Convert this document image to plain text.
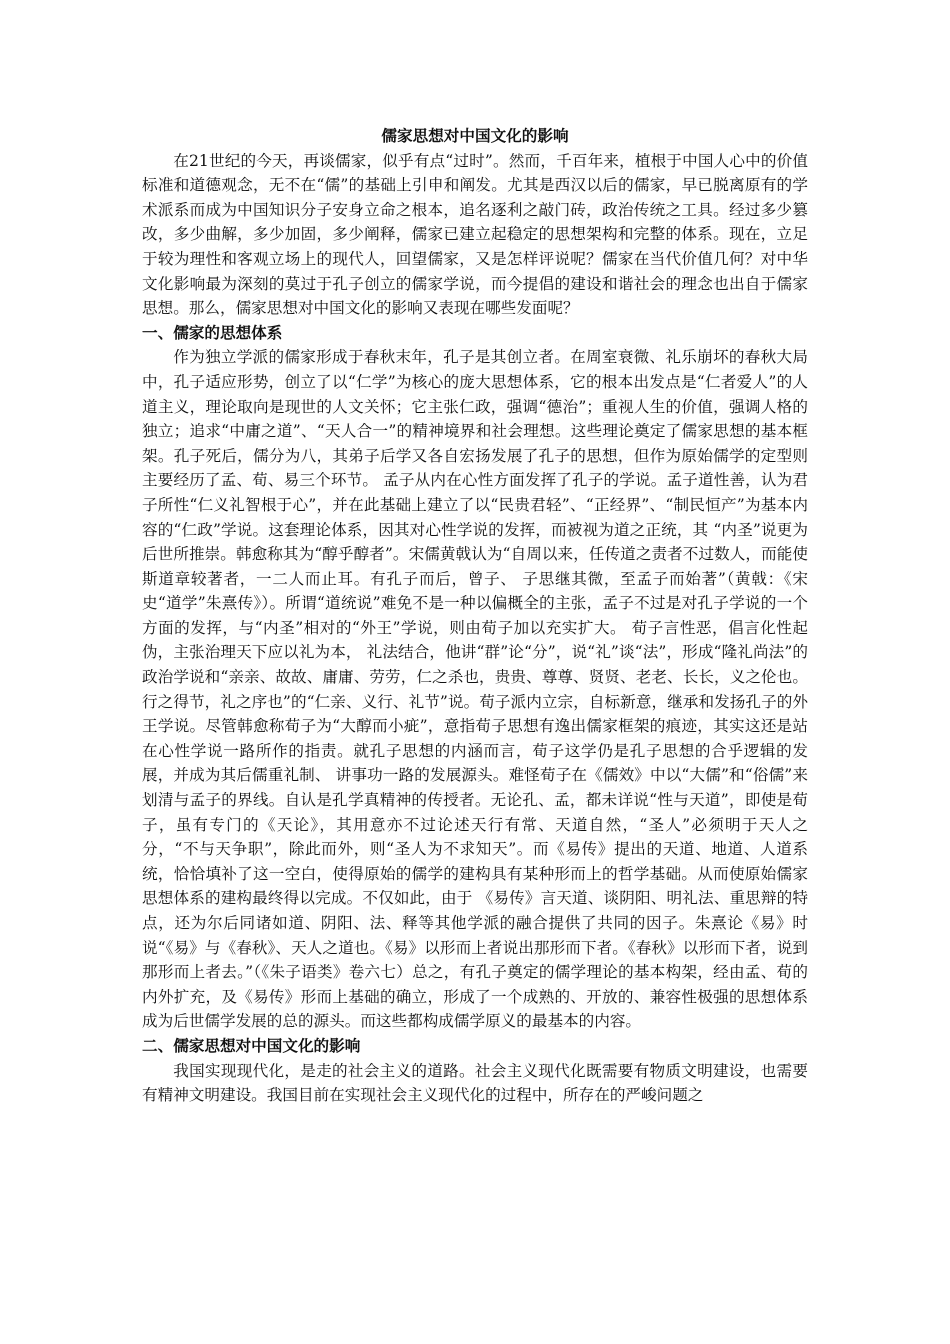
儒家思想对中国文化的影响

在21世纪的今天，再谈儒家，似乎有点“过时”。然而，千百年来，植根于中国人心中的价值标准和道德观念，无不在“儒”的基础上引申和阐发。尤其是西汉以后的儒家，早已脱离原有的学术派系而成为中国知识分子安身立命之根本，追名逐利之敲门砖，政治传统之工具。经过多少篡改，多少曲解，多少加固，多少阐释，儒家已建立起稳定的思想架构和完整的体系。现在，立足于较为理性和客观立场上的现代人，回望儒家，又是怎样评说呢？儒家在当代价值几何？对中华文化影响最为深刻的莫过于孔子创立的儒家学说，而今提倡的建设和谐社会的理念也出自于儒家思想。那么，儒家思想对中国文化的影响又表现在哪些发面呢？

一、儒家的思想体系

作为独立学派的儒家形成于春秋末年，孔子是其创立者。在周室衰微、礼乐崩坏的春秋大局中，孔子适应形势，创立了以“仁学”为核心的庞大思想体系，它的根本出发点是“仁者爱人”的人道主义，理论取向是现世的人文关怀；它主张仁政，强调“德治”；重视人生的价值，强调人格的独立；追求“中庸之道”、“天人合一”的精神境界和社会理想。这些理论奠定了儒家思想的基本框架。孔子死后，儒分为八，其弟子后学又各自宏扬发展了孔子的思想，但作为原始儒学的定型则主要经历了孟、荀、易三个环节。 孟子从内在心性方面发挥了孔子的学说。孟子道性善，认为君子所性“仁义礼智根于心”，并在此基础上建立了以“民贵君轻”、“正经界”、“制民恒产”为基本内容的“仁政”学说。这套理论体系，因其对心性学说的发挥，而被视为道之正统，其 “内圣”说更为后世所推崇。韩愈称其为“醇乎醇者”。宋儒黄戟认为“自周以来，任传道之责者不过数人，而能使斯道章较著者，一二人而止耳。有孔子而后，曾子、 子思继其微，至孟子而始著”（黄戟：《宋史“道学”朱熹传》）。所谓“道统说”难免不是一种以偏概全的主张，孟子不过是对孔子学说的一个方面的发挥，与“内圣”相对的“外王”学说，则由荀子加以充实扩大。 荀子言性恶，倡言化性起伪，主张治理天下应以礼为本， 礼法结合，他讲“群”论“分”，说“礼”谈“法”，形成“隆礼尚法”的政治学说和“亲亲、故故、庸庸、劳劳，仁之杀也，贵贵、尊尊、贤贤、老老、长长，义之伦也。行之得节，礼之序也”的“仁亲、义行、礼节”说。荀子派内立宗，自标新意，继承和发扬孔子的外王学说。尽管韩愈称荀子为“大醇而小疵”，意指荀子思想有逸出儒家框架的痕迹，其实这还是站在心性学说一路所作的指责。就孔子思想的内涵而言，荀子这学仍是孔子思想的合乎逻辑的发展，并成为其后儒重礼制、 讲事功一路的发展源头。难怪荀子在《儒效》中以“大儒”和“俗儒”来划清与孟子的界线。自认是孔学真精神的传授者。无论孔、孟，都未详说“性与天道”，即使是荀子，虽有专门的《天论》，其用意亦不过论述天行有常、天道自然，“圣人”必须明于天人之分，“不与天争职”，除此而外，则“圣人为不求知天”。而《易传》提出的天道、地道、人道系统，恰恰填补了这一空白，使得原始的儒学的建构具有某种形而上的哲学基础。从而使原始儒家思想体系的建构最终得以完成。不仅如此，由于 《易传》言天道、谈阴阳、明礼法、重思辩的特点，还为尔后同诸如道、阴阳、法、释等其他学派的融合提供了共同的因子。朱熹论《易》时说“《易》与《春秋》、天人之道也。《易》以形而上者说出那形而下者。《春秋》以形而下者，说到那形而上者去。”（《朱子语类》卷六七）总之，有孔子奠定的儒学理论的基本构架，经由孟、荀的内外扩充，及《易传》形而上基础的确立，形成了一个成熟的、开放的、兼容性极强的思想体系成为后世儒学发展的总的源头。而这些都构成儒学原义的最基本的内容。

二、儒家思想对中国文化的影响

我国实现现代化，是走的社会主义的道路。社会主义现代化既需要有物质文明建设，也需要有精神文明建设。我国目前在实现社会主义现代化的过程中，所存在的严峻问题之
